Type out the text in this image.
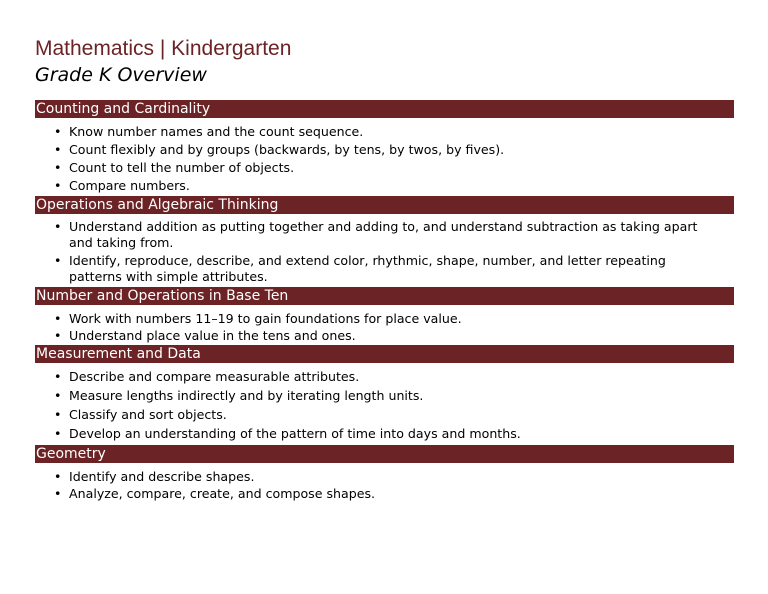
Mathematics | Kindergarten
Grade K Overview
Counting and Cardinality
• Know number names and the count sequence.
• Count flexibly and by groups (backwards, by tens, by twos, by fives).
• Count to tell the number of objects.
• Compare numbers.
Operations and Algebraic Thinking
• Understand addition as putting together and adding to, and understand subtraction as taking apart and taking from.
• Identify, reproduce, describe, and extend color, rhythmic, shape, number, and letter repeating patterns with simple attributes.
Number and Operations in Base Ten
• Work with numbers 11–19 to gain foundations for place value.
• Understand place value in the tens and ones.
Measurement and Data
• Describe and compare measurable attributes.
• Measure lengths indirectly and by iterating length units.
• Classify and sort objects.
• Develop an understanding of the pattern of time into days and months.
Geometry
• Identify and describe shapes.
• Analyze, compare, create, and compose shapes.
